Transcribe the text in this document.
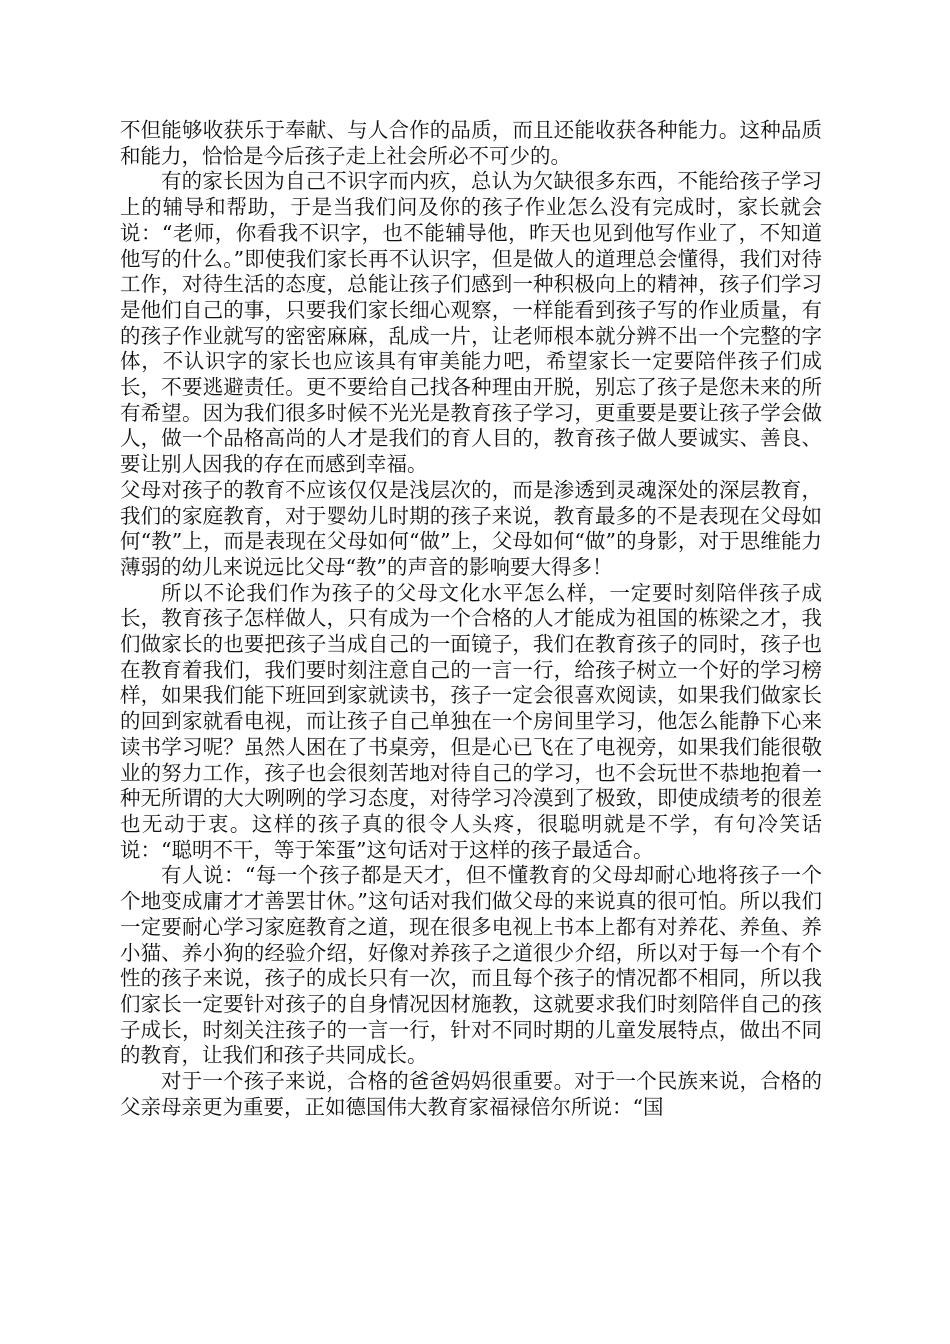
不但能够收获乐于奉献、与人合作的品质，而且还能收获各种能力。这种品质和能力，恰恰是今后孩子走上社会所必不可少的。

有的家长因为自己不识字而内疚，总认为欠缺很多东西，不能给孩子学习上的辅导和帮助，于是当我们问及你的孩子作业怎么没有完成时，家长就会说：“老师，你看我不识字，也不能辅导他，昨天也见到他写作业了，不知道他写的什么。”即使我们家长再不认识字，但是做人的道理总会懂得，我们对待工作，对待生活的态度，总能让孩子们感到一种积极向上的精神，孩子们学习是他们自己的事，只要我们家长细心观察，一样能看到孩子写的作业质量，有的孩子作业就写的密密麻麻，乱成一片，让老师根本就分辨不出一个完整的字体，不认识字的家长也应该具有审美能力吧，希望家长一定要陪伴孩子们成长，不要逃避责任。更不要给自己找各种理由开脱，别忘了孩子是您未来的所有希望。因为我们很多时候不光光是教育孩子学习，更重要是要让孩子学会做人，做一个品格高尚的人才是我们的育人目的，教育孩子做人要诚实、善良、要让别人因我的存在而感到幸福。

父母对孩子的教育不应该仅仅是浅层次的，而是渗透到灵魂深处的深层教育，我们的家庭教育，对于婴幼儿时期的孩子来说，教育最多的不是表现在父母如何“教”上，而是表现在父母如何“做”上，父母如何“做”的身影，对于思维能力薄弱的幼儿来说远比父母“教”的声音的影响要大得多！

所以不论我们作为孩子的父母文化水平怎么样，一定要时刻陪伴孩子成长，教育孩子怎样做人，只有成为一个合格的人才能成为祖国的栋梁之才，我们做家长的也要把孩子当成自己的一面镜子，我们在教育孩子的同时，孩子也在教育着我们，我们要时刻注意自己的一言一行，给孩子树立一个好的学习榜样，如果我们能下班回到家就读书，孩子一定会很喜欢阅读，如果我们做家长的回到家就看电视，而让孩子自己单独在一个房间里学习，他怎么能静下心来读书学习呢？虽然人困在了书桌旁，但是心已飞在了电视旁，如果我们能很敬业的努力工作，孩子也会很刻苦地对待自己的学习，也不会玩世不恭地抱着一种无所谓的大大咧咧的学习态度，对待学习冷漠到了极致，即使成绩考的很差也无动于衷。这样的孩子真的很令人头疼，很聪明就是不学，有句冷笑话说：“聪明不干，等于笨蛋”这句话对于这样的孩子最适合。

有人说：“每一个孩子都是天才，但不懂教育的父母却耐心地将孩子一个个地变成庸才才善罢甘休。”这句话对我们做父母的来说真的很可怕。所以我们一定要耐心学习家庭教育之道，现在很多电视上书本上都有对养花、养鱼、养小猫、养小狗的经验介绍，好像对养孩子之道很少介绍，所以对于每一个有个性的孩子来说，孩子的成长只有一次，而且每个孩子的情况都不相同，所以我们家长一定要针对孩子的自身情况因材施教，这就要求我们时刻陪伴自己的孩子成长，时刻关注孩子的一言一行，针对不同时期的儿童发展特点，做出不同的教育，让我们和孩子共同成长。

对于一个孩子来说，合格的爸爸妈妈很重要。对于一个民族来说，合格的父亲母亲更为重要，正如德国伟大教育家福禄倍尔所说：“国
